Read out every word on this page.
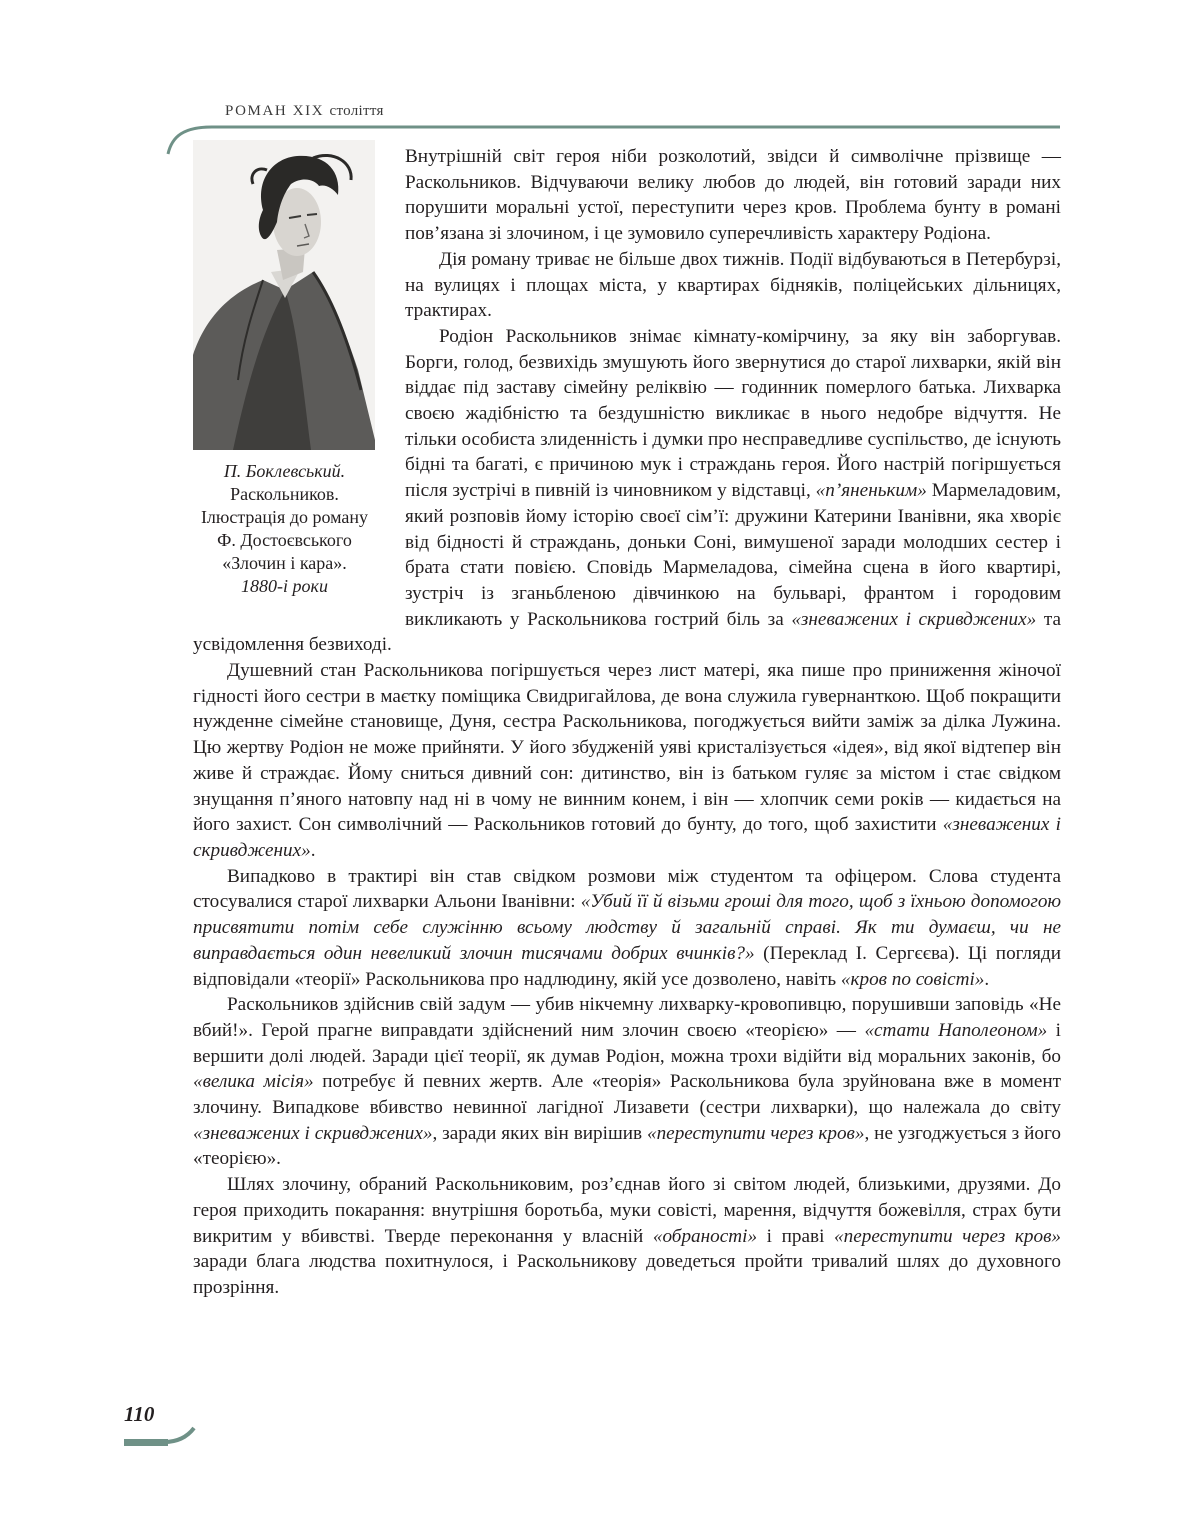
РОМАН XIX століття
П. Боклевський.
Раскольников.
Ілюстрація до роману
Ф. Достоєвського
«Злочин і кара».
1880-і роки

Внутрішній світ героя ніби розколотий, звідси й символічне прізвище — Раскольников. Відчуваючи велику любов до людей, він готовий заради них порушити моральні устої, переступити через кров. Проблема бунту в романі пов’язана зі злочином, і це зумовило суперечливість характеру Родіона.

Дія роману триває не більше двох тижнів. Події відбуваються в Петербурзі, на вулицях і площах міста, у квартирах бідняків, поліцейських дільницях, трактирах.

Родіон Раскольников знімає кімнату-комірчину, за яку він заборгував. Борги, голод, безвихідь змушують його звернутися до старої лихварки, якій він віддає під заставу сімейну реліквію — годинник померлого батька. Лихварка своєю жадібністю та бездушністю викликає в нього недобре відчуття. Не тільки особиста злиденність і думки про несправедливе суспільство, де існують бідні та багаті, є причиною мук і страждань героя. Його настрій погіршується після зустрічі в пивній із чиновником у відставці, «п’яненьким» Мармеладовим, який розповів йому історію своєї сім’ї: дружини Катерини Іванівни, яка хворіє від бідності й страждань, доньки Соні, вимушеної заради молодших сестер і брата стати повією. Сповідь Мармеладова, сімейна сцена в його квартирі, зустріч із зганьбленою дівчинкою на бульварі, франтом і городовим викликають у Раскольникова гострий біль за «зневажених і скривджених» та усвідомлення безвиході.

Душевний стан Раскольникова погіршується через лист матері, яка пише про приниження жіночої гідності його сестри в маєтку поміщика Свидригайлова, де вона служила гувернанткою. Щоб покращити нужденне сімейне становище, Дуня, сестра Раскольникова, погоджується вийти заміж за ділка Лужина. Цю жертву Родіон не може прийняти. У його збудженій уяві кристалізується «ідея», від якої відтепер він живе й страждає. Йому сниться дивний сон: дитинство, він із батьком гуляє за містом і стає свідком знущання п’яного натовпу над ні в чому не винним конем, і він — хлопчик семи років — кидається на його захист. Сон символічний — Раскольников готовий до бунту, до того, щоб захистити «зневажених і скривджених».

Випадково в трактирі він став свідком розмови між студентом та офіцером. Слова студента стосувалися старої лихварки Альони Іванівни: «Убий її й візьми гроші для того, щоб з їхньою допомогою присвятити потім себе служінню всьому людству й загальній справі. Як ти думаєш, чи не виправдається один невеликий злочин тисячами добрих вчинків?» (Переклад І. Сергєєва). Ці погляди відповідали «теорії» Раскольникова про надлюдину, якій усе дозволено, навіть «кров по совісті».

Раскольников здійснив свій задум — убив нікчемну лихварку-кровопивцю, порушивши заповідь «Не вбий!». Герой прагне виправдати здійснений ним злочин своєю «теорією» — «стати Наполеоном» і вершити долі людей. Заради цієї теорії, як думав Родіон, можна трохи відійти від моральних законів, бо «велика місія» потребує й певних жертв. Але «теорія» Раскольникова була зруйнована вже в момент злочину. Випадкове вбивство невинної лагідної Лизавети (сестри лихварки), що належала до світу «зневажених і скривджених», заради яких він вирішив «переступити через кров», не узгоджується з його «теорією».

Шлях злочину, обраний Раскольниковим, роз’єднав його зі світом людей, близькими, друзями. До героя приходить покарання: внутрішня боротьба, муки совісті, марення, відчуття божевілля, страх бути викритим у вбивстві. Тверде переконання у власній «обраності» і праві «переступити через кров» заради блага людства похитнулося, і Раскольникову доведеться пройти тривалий шлях до духовного прозріння.

110
